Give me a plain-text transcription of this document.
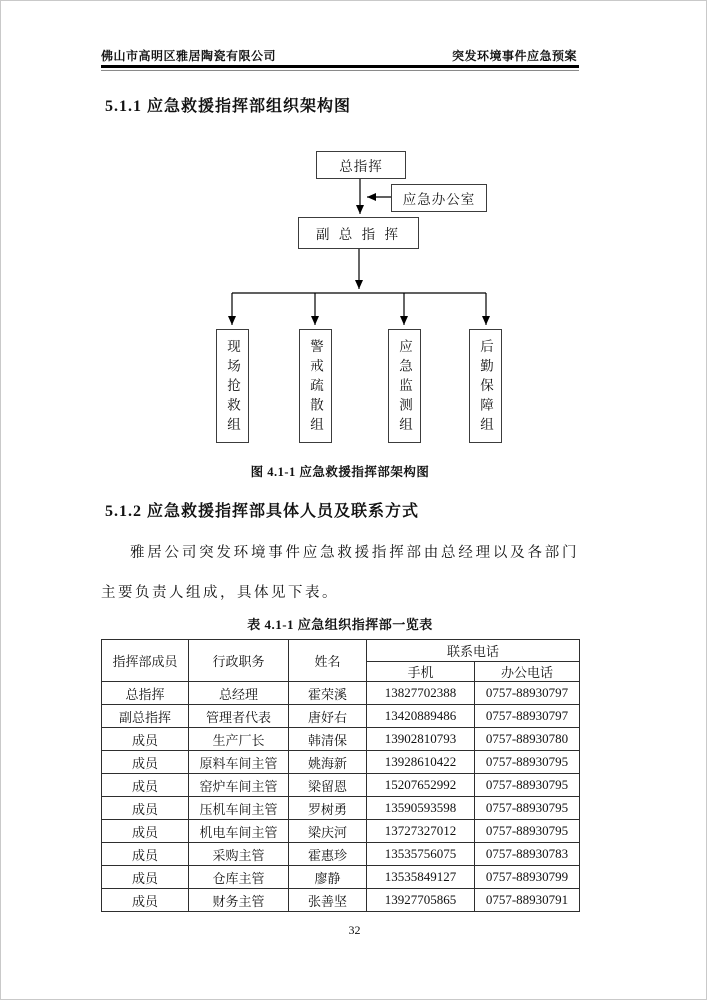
佛山市高明区雅居陶瓷有限公司	突发环境事件应急预案
5.1.1 应急救援指挥部组织架构图
总指挥
应急办公室
副 总 指 挥
现场抢救组	警戒疏散组	应急监测组	后勤保障组
图 4.1-1 应急救援指挥部架构图
5.1.2 应急救援指挥部具体人员及联系方式
雅居公司突发环境事件应急救援指挥部由总经理以及各部门主要负责人组成，具体见下表。
表 4.1-1 应急组织指挥部一览表
指挥部成员	行政职务	姓名	联系电话	
			手机	办公电话
总指挥	总经理	霍荣溪	13827702388	0757-88930797
副总指挥	管理者代表	唐妤右	13420889486	0757-88930797
成员	生产厂长	韩清保	13902810793	0757-88930780
成员	原料车间主管	姚海新	13928610422	0757-88930795
成员	窑炉车间主管	梁留恩	15207652992	0757-88930795
成员	压机车间主管	罗树勇	13590593598	0757-88930795
成员	机电车间主管	梁庆河	13727327012	0757-88930795
成员	采购主管	霍惠珍	13535756075	0757-88930783
成员	仓库主管	廖静	13535849127	0757-88930799
成员	财务主管	张善坚	13927705865	0757-88930791
32
